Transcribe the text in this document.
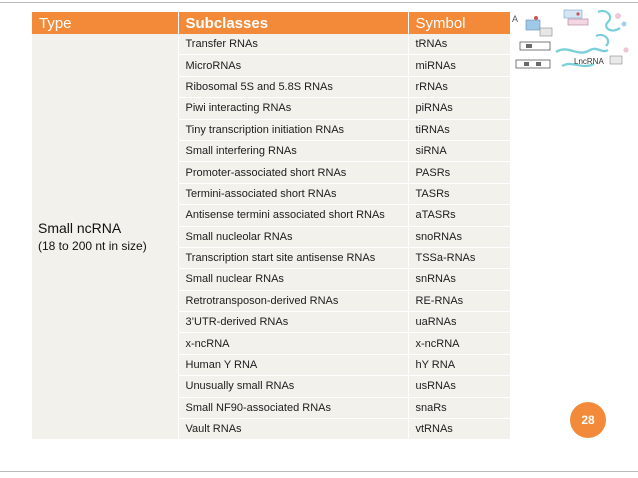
Type	Subclasses	Symbol

Small ncRNA
(18 to 200 nt in size)	Transfer RNAs	tRNAs
	MicroRNAs	miRNAs
	Ribosomal 5S and 5.8S RNAs	rRNAs
	Piwi interacting RNAs	piRNAs
	Tiny transcription initiation RNAs	tiRNAs
	Small interfering RNAs	siRNA
	Promoter-associated short RNAs	PASRs
	Termini-associated short RNAs	TASRs
	Antisense termini associated short RNAs	aTASRs
	Small nucleolar RNAs	snoRNAs
	Transcription start site antisense RNAs	TSSa-RNAs
	Small nuclear RNAs	snRNAs
	Retrotransposon-derived RNAs	RE-RNAs
	3’UTR-derived RNAs	uaRNAs
	x-ncRNA	x-ncRNA
	Human Y RNA	hY RNA
	Unusually small RNAs	usRNAs
	Small NF90-associated RNAs	snaRs
	Vault RNAs	vtRNAs
A
LncRNA
28
